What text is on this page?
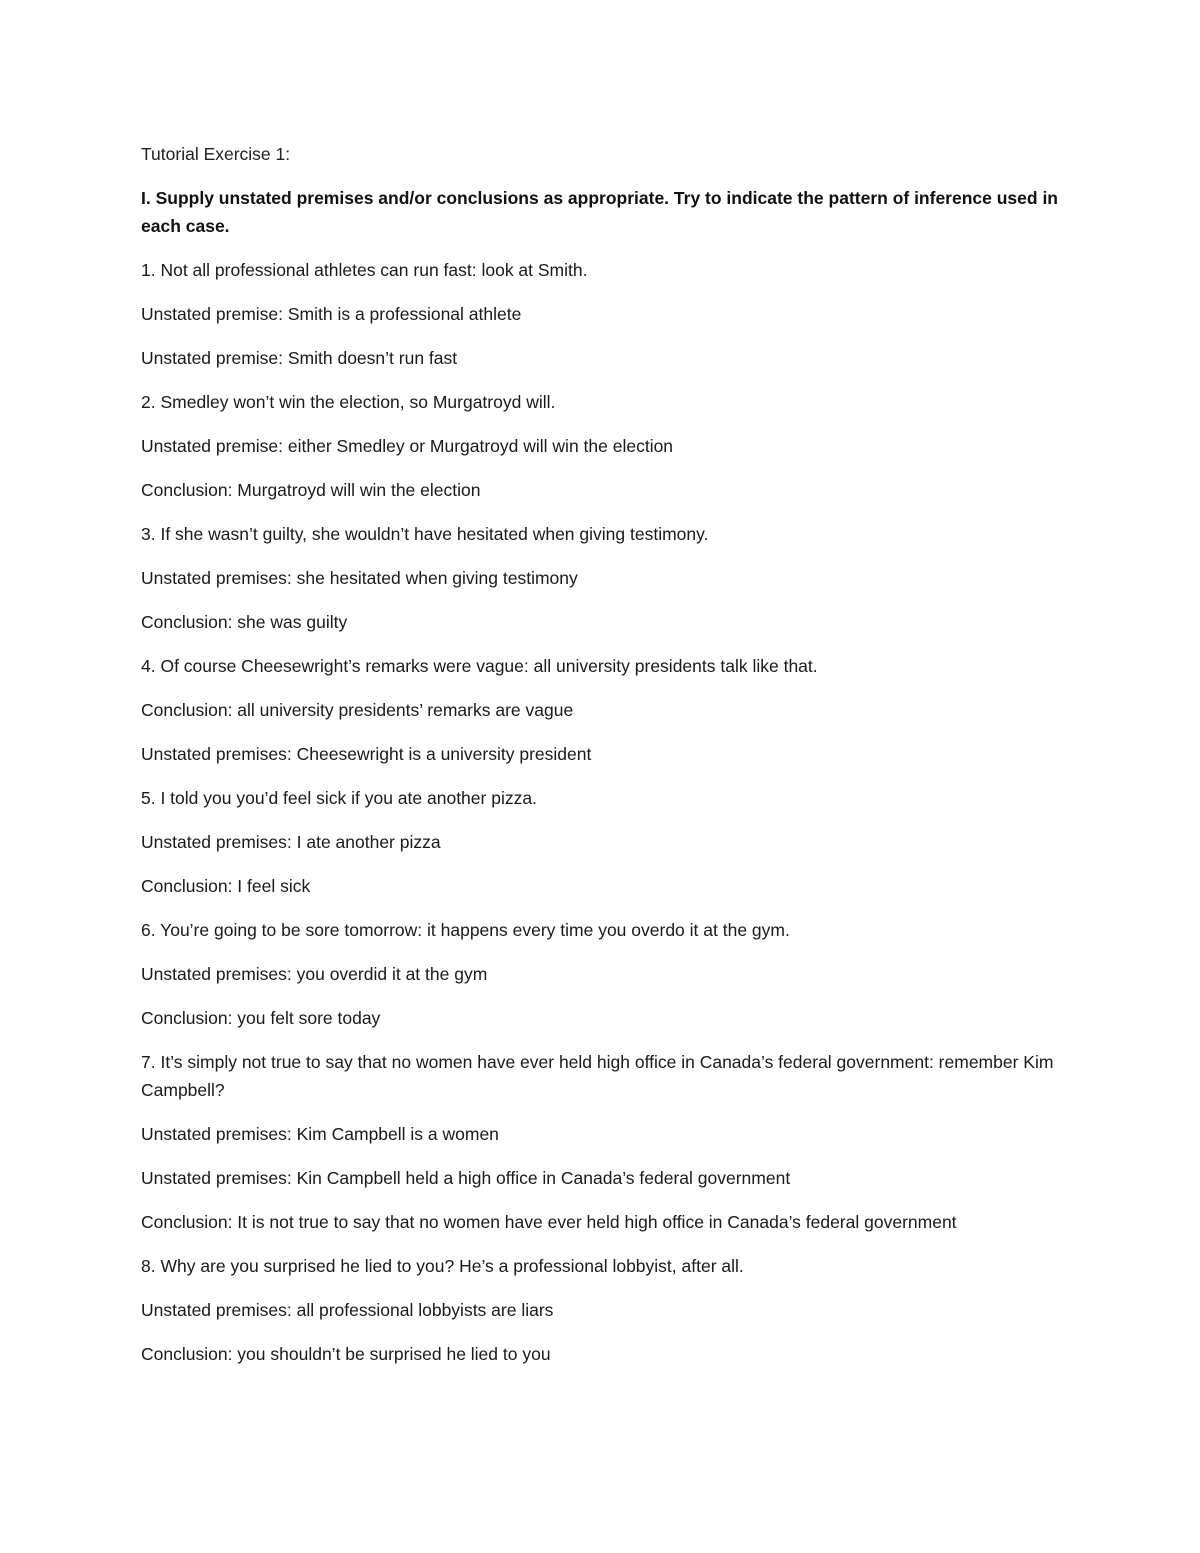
Tutorial Exercise 1:
I. Supply unstated premises and/or conclusions as appropriate. Try to indicate the pattern of inference used in each case.
1. Not all professional athletes can run fast: look at Smith.
Unstated premise: Smith is a professional athlete
Unstated premise: Smith doesn’t run fast
2. Smedley won’t win the election, so Murgatroyd will.
Unstated premise: either Smedley or Murgatroyd will win the election
Conclusion: Murgatroyd will win the election
3. If she wasn’t guilty, she wouldn’t have hesitated when giving testimony.
Unstated premises: she hesitated when giving testimony
Conclusion: she was guilty
4. Of course Cheesewright’s remarks were vague: all university presidents talk like that.
Conclusion: all university presidents’ remarks are vague
Unstated premises: Cheesewright is a university president
5. I told you you’d feel sick if you ate another pizza.
Unstated premises: I ate another pizza
Conclusion: I feel sick
6. You’re going to be sore tomorrow: it happens every time you overdo it at the gym.
Unstated premises: you overdid it at the gym
Conclusion: you felt sore today
7. It’s simply not true to say that no women have ever held high office in Canada’s federal government: remember Kim Campbell?
Unstated premises: Kim Campbell is a women
Unstated premises: Kin Campbell held a high office in Canada’s federal government
Conclusion: It is not true to say that no women have ever held high office in Canada’s federal government
8. Why are you surprised he lied to you? He’s a professional lobbyist, after all.
Unstated premises: all professional lobbyists are liars
Conclusion: you shouldn’t be surprised he lied to you
